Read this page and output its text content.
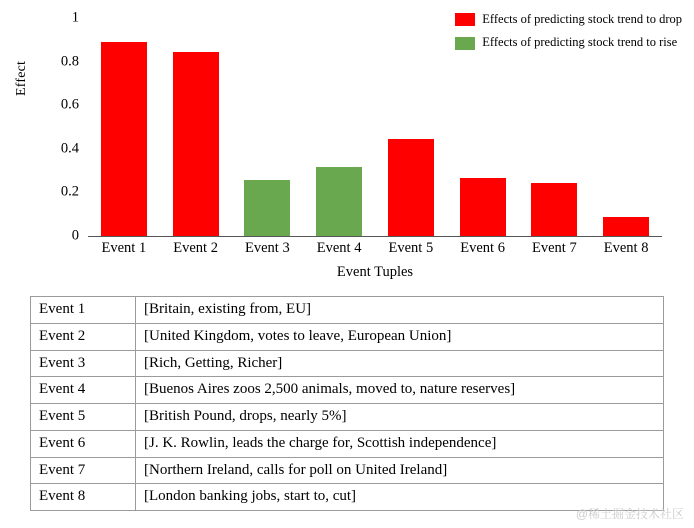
Effects of predicting stock trend to drop
Effects of predicting stock trend to rise
Effect
0
0.2
0.4
0.6
0.8
1
Event 1	Event 2	Event 3	Event 4	Event 5	Event 6	Event 7	Event 8
Event Tuples
Event 1	[Britain, existing from, EU]
Event 2	[United Kingdom, votes to leave, European Union]
Event 3	[Rich, Getting, Richer]
Event 4	[Buenos Aires zoos 2,500 animals, moved to, nature reserves]
Event 5	[British Pound, drops, nearly 5%]
Event 6	[J. K. Rowlin, leads the charge for, Scottish independence]
Event 7	[Northern Ireland, calls for poll on United Ireland]
Event 8	[London banking jobs, start to, cut]
@稀土掘金技术社区
